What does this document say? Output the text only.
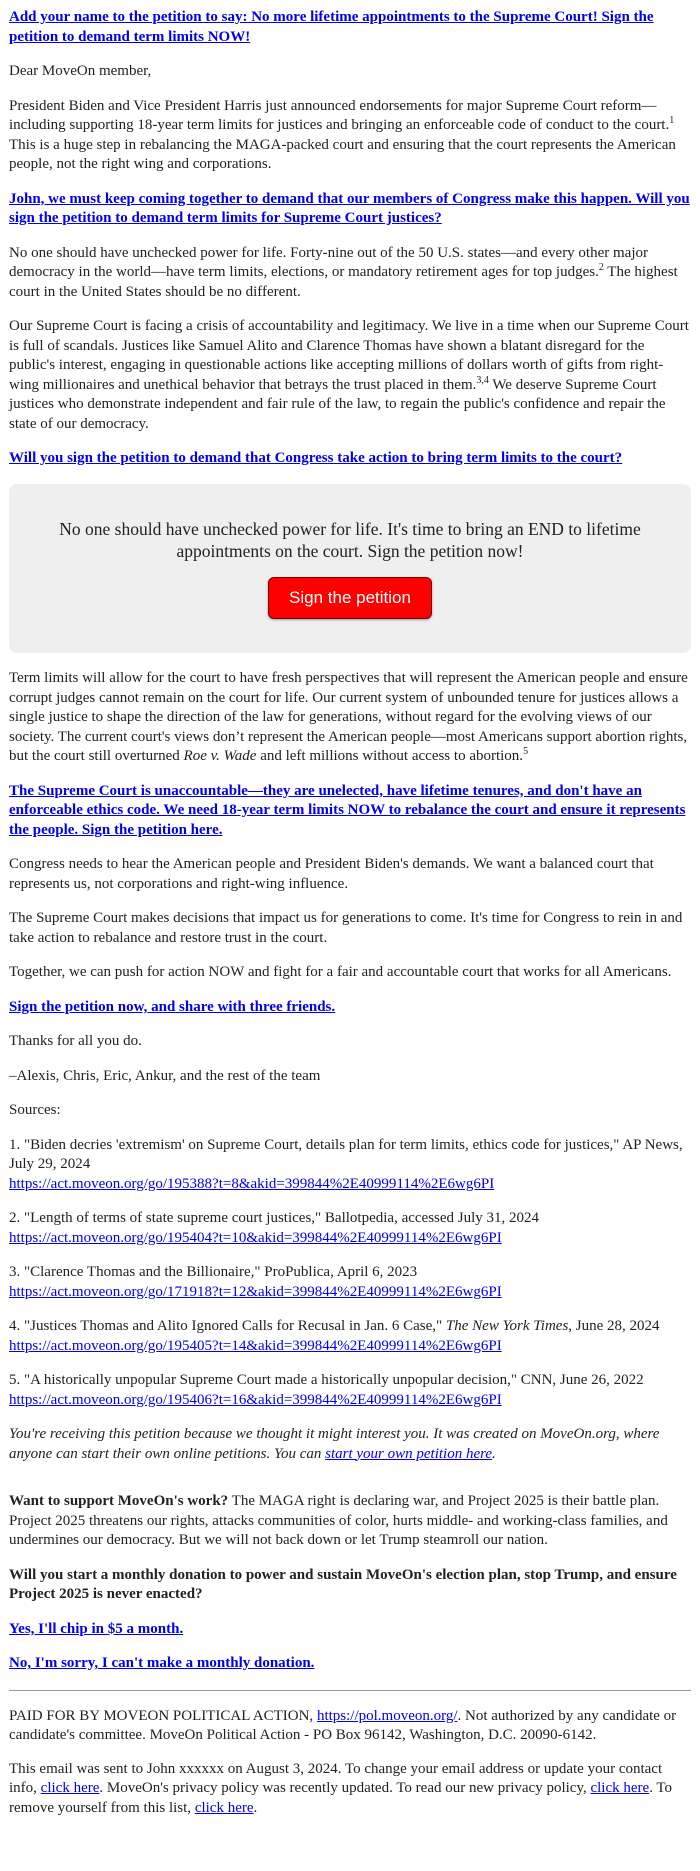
Add your name to the petition to say: No more lifetime appointments to the Supreme Court! Sign the petition to demand term limits NOW!

Dear MoveOn member,

President Biden and Vice President Harris just announced endorsements for major Supreme Court reform—including supporting 18-year term limits for justices and bringing an enforceable code of conduct to the court.$^1$ This is a huge step in rebalancing the MAGA-packed court and ensuring that the court represents the American people, not the right wing and corporations.

John, we must keep coming together to demand that our members of Congress make this happen. Will you sign the petition to demand term limits for Supreme Court justices?

No one should have unchecked power for life. Forty-nine out of the 50 U.S. states—and every other major democracy in the world—have term limits, elections, or mandatory retirement ages for top judges.$^2$ The highest court in the United States should be no different.

Our Supreme Court is facing a crisis of accountability and legitimacy. We live in a time when our Supreme Court is full of scandals. Justices like Samuel Alito and Clarence Thomas have shown a blatant disregard for the public's interest, engaging in questionable actions like accepting millions of dollars worth of gifts from right-wing millionaires and unethical behavior that betrays the trust placed in them.$^{3,4}$ We deserve Supreme Court justices who demonstrate independent and fair rule of the law, to regain the public's confidence and repair the state of our democracy.

Will you sign the petition to demand that Congress take action to bring term limits to the court?

No one should have unchecked power for life. It's time to bring an END to lifetime appointments on the court. Sign the petition now!
Sign the petition

Term limits will allow for the court to have fresh perspectives that will represent the American people and ensure corrupt judges cannot remain on the court for life. Our current system of unbounded tenure for justices allows a single justice to shape the direction of the law for generations, without regard for the evolving views of our society. The current court's views don’t represent the American people—most Americans support abortion rights, but the court still overturned Roe v. Wade and left millions without access to abortion.$^5$

The Supreme Court is unaccountable—they are unelected, have lifetime tenures, and don't have an enforceable ethics code. We need 18-year term limits NOW to rebalance the court and ensure it represents the people. Sign the petition here.

Congress needs to hear the American people and President Biden's demands. We want a balanced court that represents us, not corporations and right-wing influence.

The Supreme Court makes decisions that impact us for generations to come. It's time for Congress to rein in and take action to rebalance and restore trust in the court.

Together, we can push for action NOW and fight for a fair and accountable court that works for all Americans.

Sign the petition now, and share with three friends.

Thanks for all you do.

–Alexis, Chris, Eric, Ankur, and the rest of the team

Sources:

1. "Biden decries 'extremism' on Supreme Court, details plan for term limits, ethics code for justices," AP News, July 29, 2024
https://act.moveon.org/go/195388?t=8&akid=399844%2E40999114%2E6wg6PI

2. "Length of terms of state supreme court justices," Ballotpedia, accessed July 31, 2024
https://act.moveon.org/go/195404?t=10&akid=399844%2E40999114%2E6wg6PI

3. "Clarence Thomas and the Billionaire," ProPublica, April 6, 2023
https://act.moveon.org/go/171918?t=12&akid=399844%2E40999114%2E6wg6PI

4. "Justices Thomas and Alito Ignored Calls for Recusal in Jan. 6 Case," The New York Times, June 28, 2024
https://act.moveon.org/go/195405?t=14&akid=399844%2E40999114%2E6wg6PI

5. "A historically unpopular Supreme Court made a historically unpopular decision," CNN, June 26, 2022
https://act.moveon.org/go/195406?t=16&akid=399844%2E40999114%2E6wg6PI

You're receiving this petition because we thought it might interest you. It was created on MoveOn.org, where anyone can start their own online petitions. You can start your own petition here.

Want to support MoveOn's work? The MAGA right is declaring war, and Project 2025 is their battle plan. Project 2025 threatens our rights, attacks communities of color, hurts middle- and working-class families, and undermines our democracy. But we will not back down or let Trump steamroll our nation.

Will you start a monthly donation to power and sustain MoveOn's election plan, stop Trump, and ensure Project 2025 is never enacted?

Yes, I'll chip in $5 a month.

No, I'm sorry, I can't make a monthly donation.

PAID FOR BY MOVEON POLITICAL ACTION, https://pol.moveon.org/. Not authorized by any candidate or candidate's committee. MoveOn Political Action - PO Box 96142, Washington, D.C. 20090-6142.

This email was sent to John xxxxxx on August 3, 2024. To change your email address or update your contact info, click here. MoveOn's privacy policy was recently updated. To read our new privacy policy, click here. To remove yourself from this list, click here.
